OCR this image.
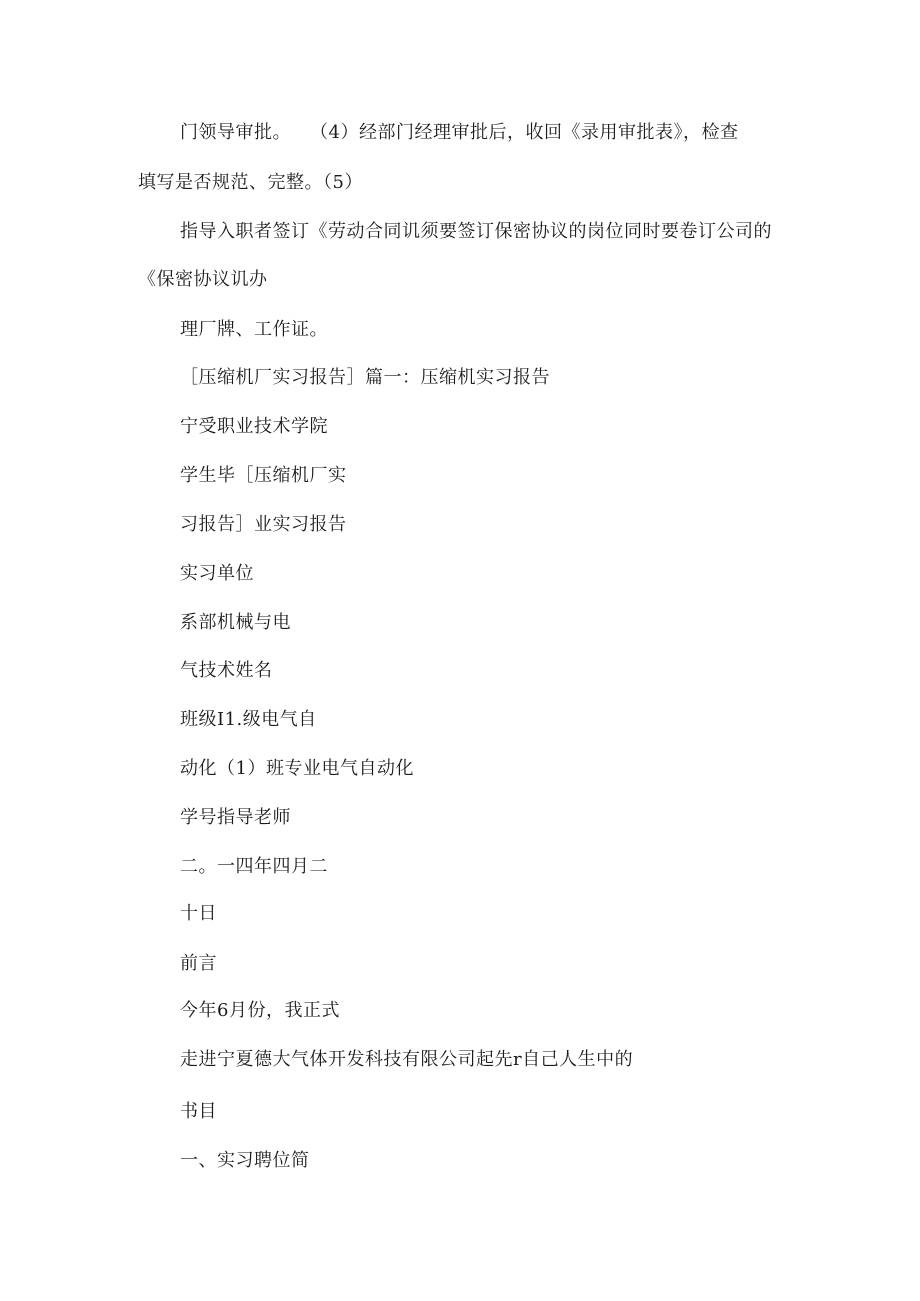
门领导审批。　　（4）经部门经理审批后，收回《录用审批表》，检查
填写是否规范、完整。（5）
指导入职者签订《劳动合同讥须要签订保密协议的岗位同时要卷订公司的
《保密协议讥办
理厂牌、工作证。
［压缩机厂实习报告］篇一：压缩机实习报告
宁受职业技术学院
学生毕［压缩机厂实
习报告］业实习报告
实习单位
系部机械与电
气技术姓名
班级I1.级电气自
动化（1）班专业电气自动化
学号指导老师
二。一四年四月二
十日
前言
今年6月份，我正式
走进宁夏德大气体开发科技有限公司起先r自己人生中的
书目
一、实习聘位简
